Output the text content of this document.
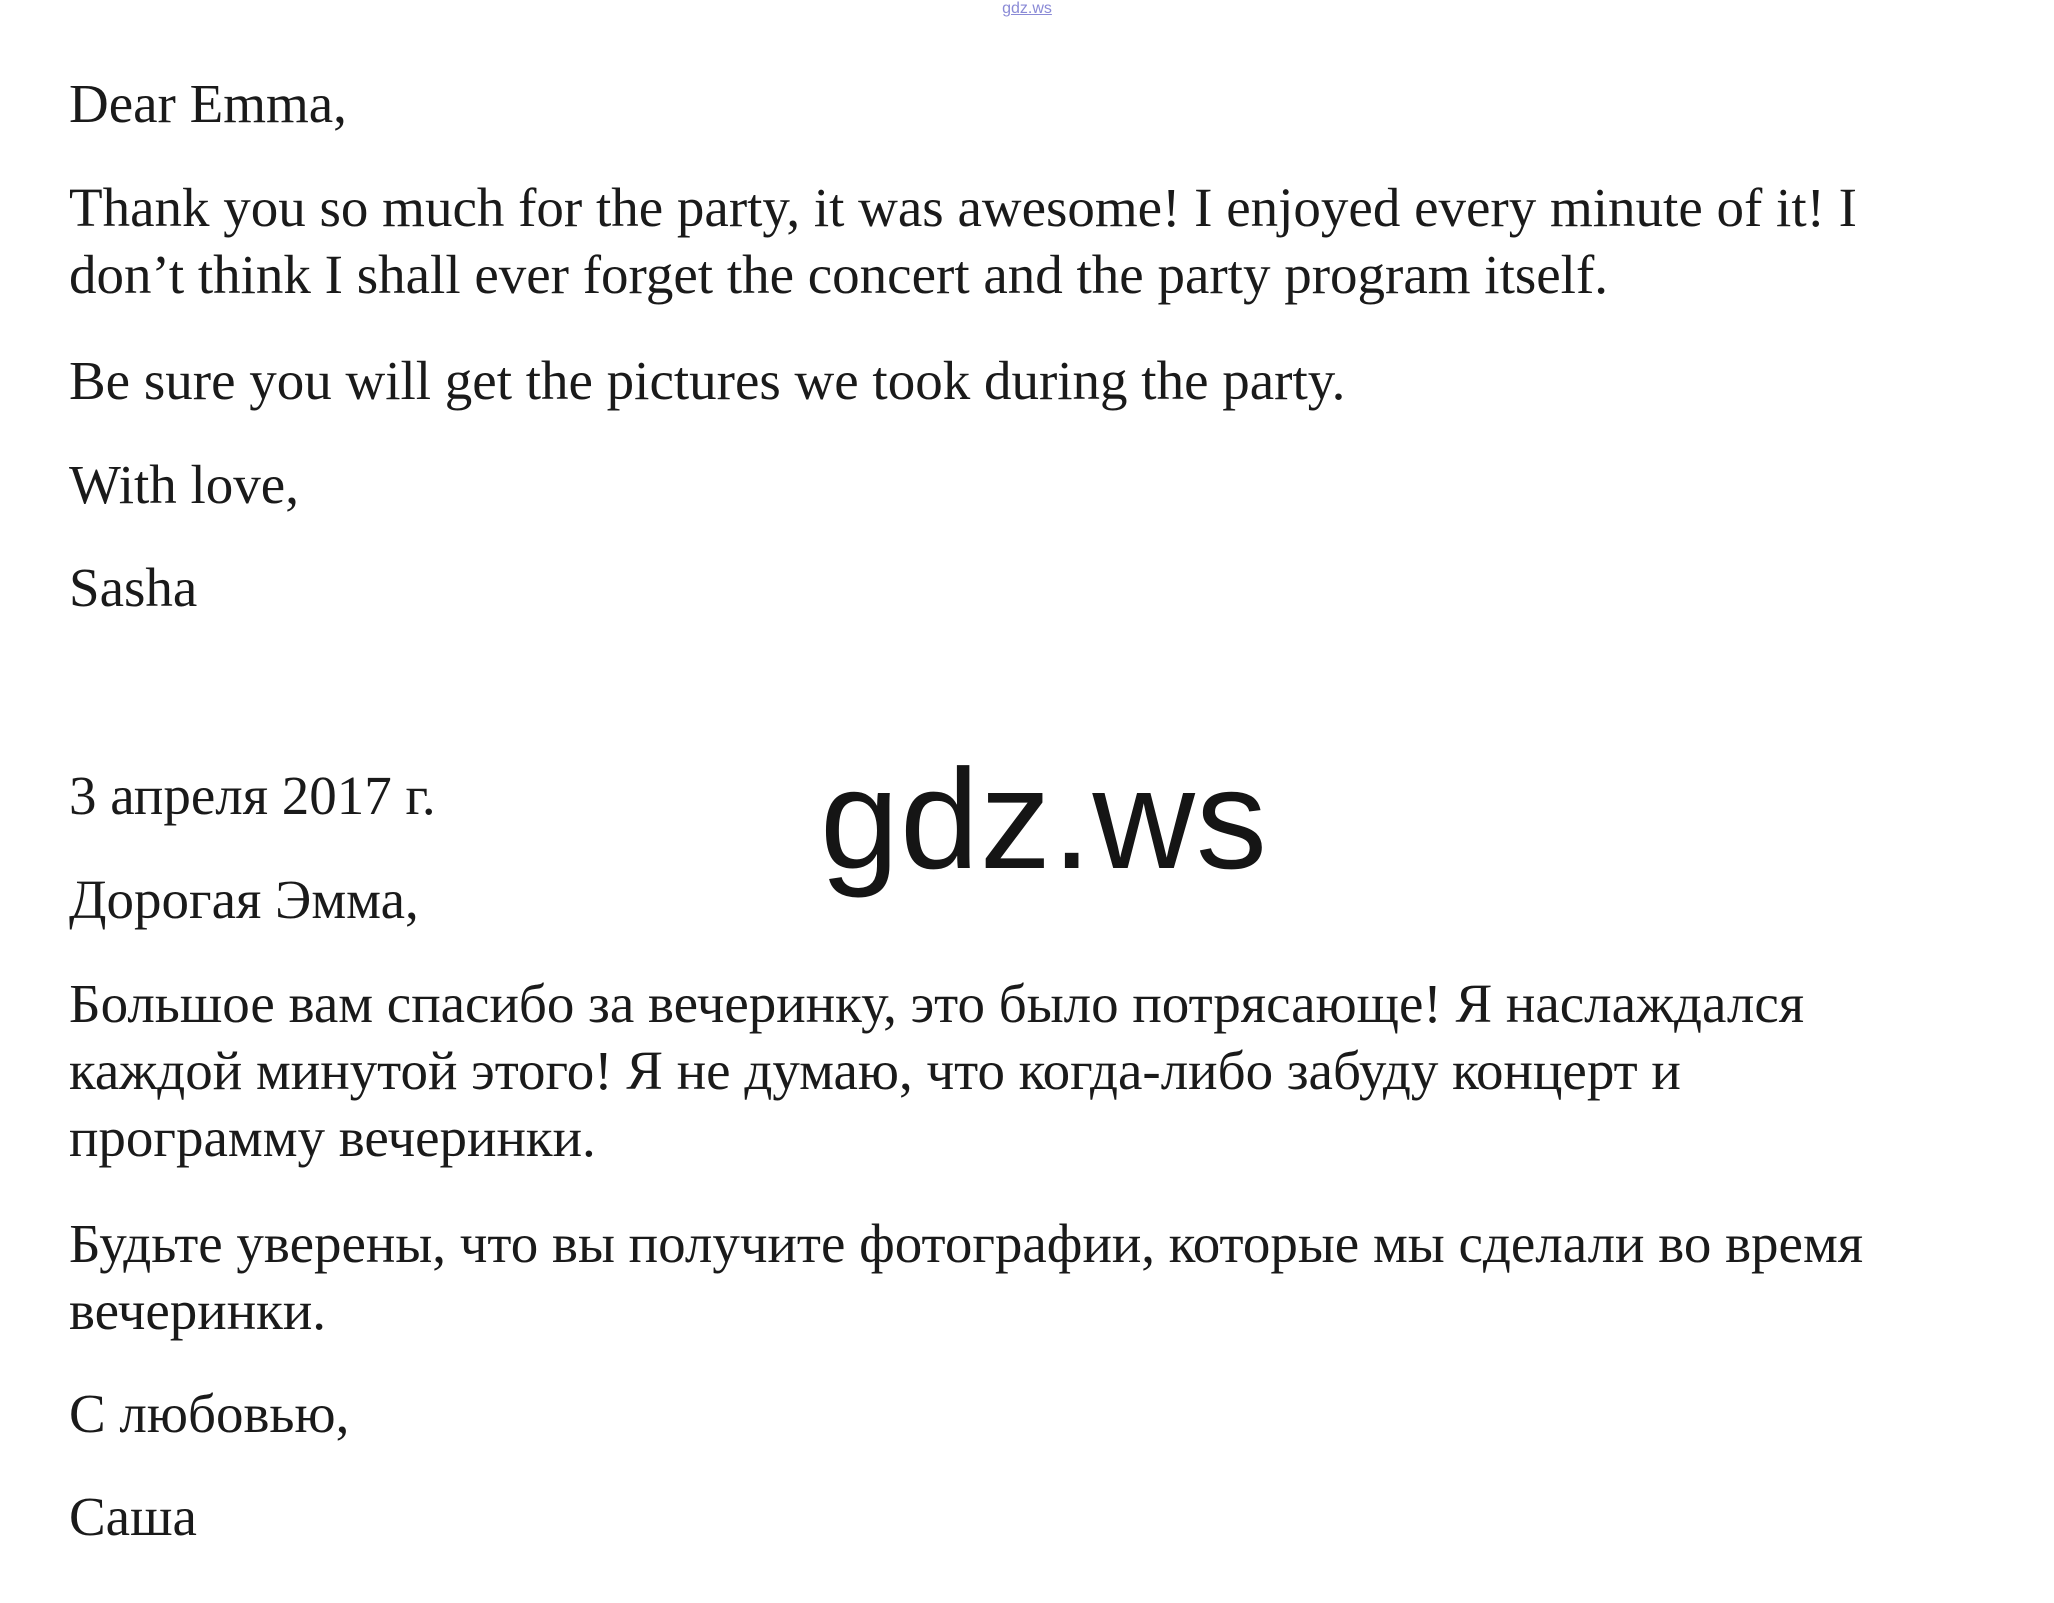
gdz.ws

Dear Emma,

Thank you so much for the party, it was awesome! I enjoyed every minute of it! I
don’t think I shall ever forget the concert and the party program itself.

Be sure you will get the pictures we took during the party.

With love,

Sasha

3 апреля 2017 г.

Дорогая Эмма,

Большое вам спасибо за вечеринку, это было потрясающе! Я наслаждался
каждой минутой этого! Я не думаю, что когда-либо забуду концерт и
программу вечеринки.

Будьте уверены, что вы получите фотографии, которые мы сделали во время
вечеринки.

С любовью,

Саша

gdz.ws
